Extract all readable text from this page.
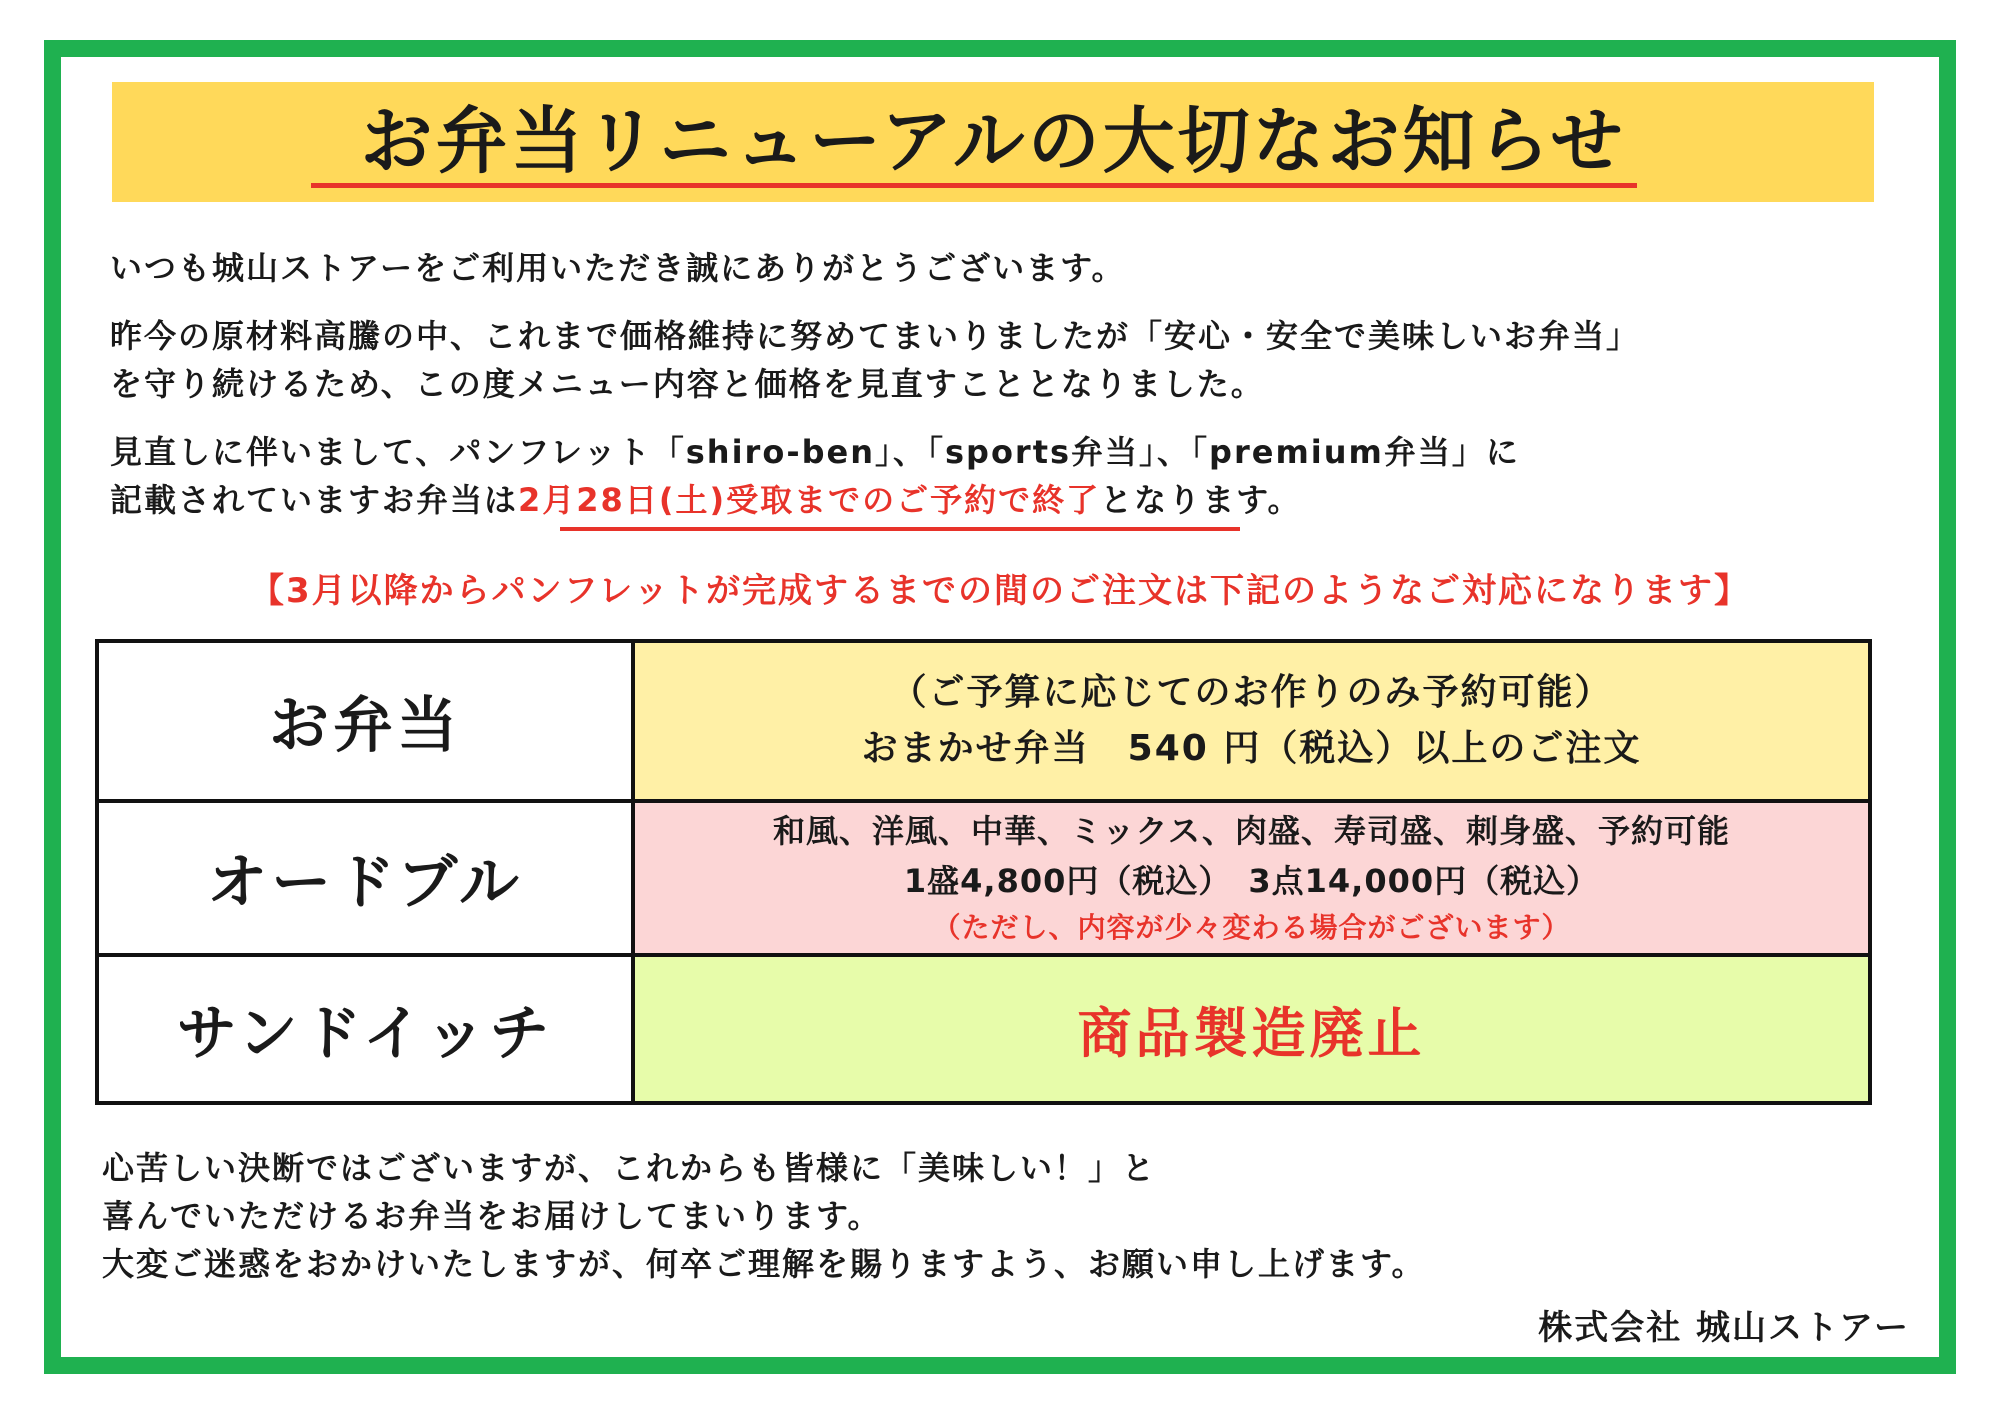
お弁当リニューアルの大切なお知らせ
いつも城山ストアーをご利用いただき誠にありがとうございます。
昨今の原材料高騰の中、これまで価格維持に努めてまいりましたが「安心・安全で美味しいお弁当」
を守り続けるため、この度メニュー内容と価格を見直すこととなりました。
見直しに伴いまして、パンフレット「shiro-ben」、「sports弁当」、「premium弁当」に
記載されていますお弁当は2月28日(土)受取までのご予約で終了となります。
【3月以降からパンフレットが完成するまでの間のご注文は下記のようなご対応になります】
お弁当	（ご予算に応じてのお作りのみ予約可能）
おまかせ弁当　540 円（税込）以上のご注文
オードブル
和風、洋風、中華、ミックス、肉盛、寿司盛、刺身盛、予約可能
1盛4,800円（税込）　3点14,000円（税込）
（ただし、内容が少々変わる場合がございます）
サンドイッチ	商品製造廃止
心苦しい決断ではございますが、これからも皆様に「美味しい！」と
喜んでいただけるお弁当をお届けしてまいります。
大変ご迷惑をおかけいたしますが、何卒ご理解を賜りますよう、お願い申し上げます。
株式会社 城山ストアー
